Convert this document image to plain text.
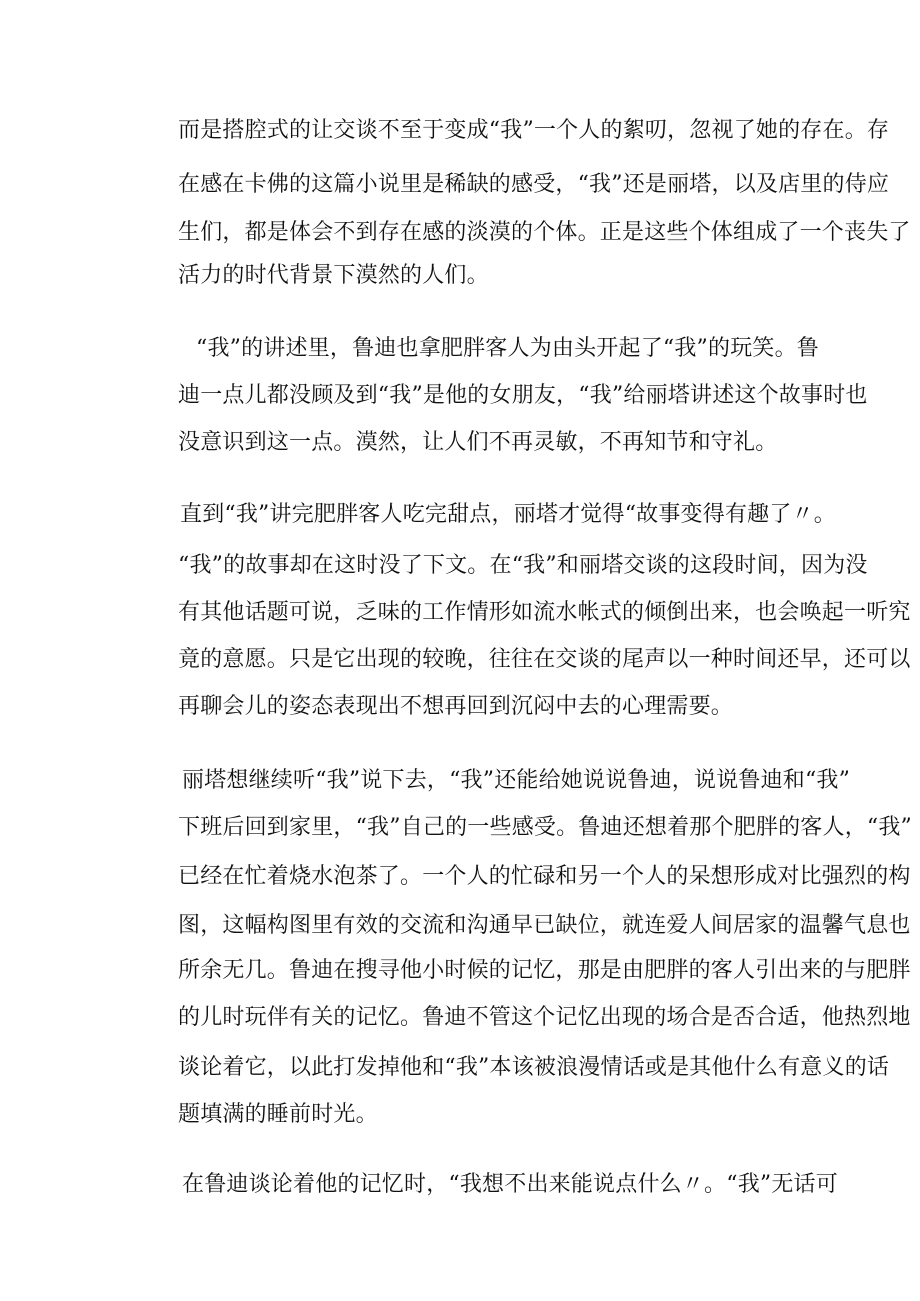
而是搭腔式的让交谈不至于变成“我”一个人的絮叨，忽视了她的存在。存
在感在卡佛的这篇小说里是稀缺的感受，“我”还是丽塔，以及店里的侍应
生们，都是体会不到存在感的淡漠的个体。正是这些个体组成了一个丧失了
活力的时代背景下漠然的人们。
“我”的讲述里，鲁迪也拿肥胖客人为由头开起了“我”的玩笑。鲁
迪一点儿都没顾及到“我”是他的女朋友，“我”给丽塔讲述这个故事时也
没意识到这一点。漠然，让人们不再灵敏，不再知节和守礼。
直到“我”讲完肥胖客人吃完甜点，丽塔才觉得“故事变得有趣了〃。
“我”的故事却在这时没了下文。在“我”和丽塔交谈的这段时间，因为没
有其他话题可说，乏味的工作情形如流水帐式的倾倒出来，也会唤起一听究
竟的意愿。只是它出现的较晚，往往在交谈的尾声以一种时间还早，还可以
再聊会儿的姿态表现出不想再回到沉闷中去的心理需要。
丽塔想继续听“我”说下去，“我”还能给她说说鲁迪，说说鲁迪和“我”
下班后回到家里，“我”自己的一些感受。鲁迪还想着那个肥胖的客人，“我”
已经在忙着烧水泡茶了。一个人的忙碌和另一个人的呆想形成对比强烈的构
图，这幅构图里有效的交流和沟通早已缺位，就连爱人间居家的温馨气息也
所余无几。鲁迪在搜寻他小时候的记忆，那是由肥胖的客人引出来的与肥胖
的儿时玩伴有关的记忆。鲁迪不管这个记忆出现的场合是否合适，他热烈地
谈论着它，以此打发掉他和“我”本该被浪漫情话或是其他什么有意义的话
题填满的睡前时光。
在鲁迪谈论着他的记忆时，“我想不出来能说点什么〃。“我”无话可
